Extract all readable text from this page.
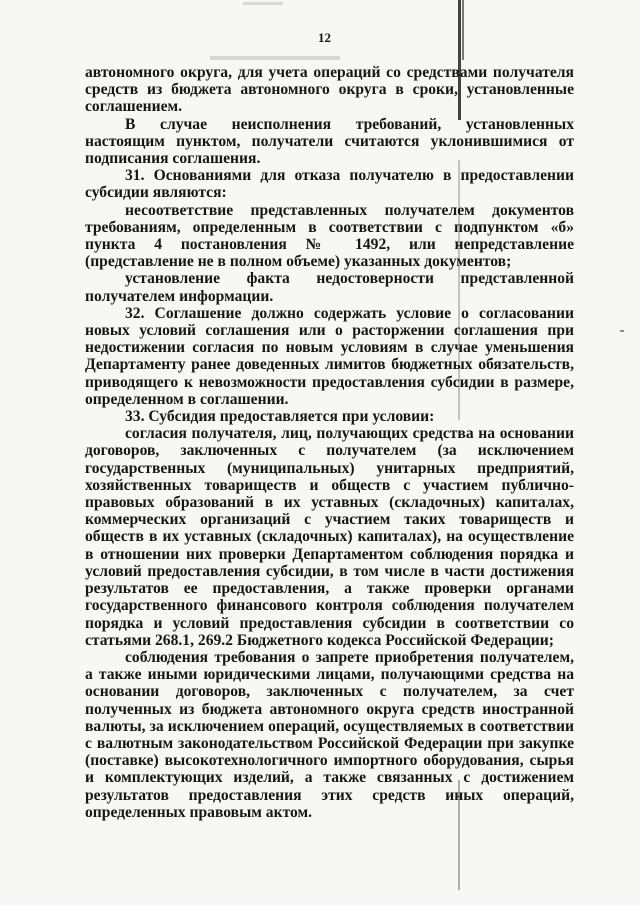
12

автономного округа, для учета операций со средствами получателя средств из бюджета автономного округа в сроки, установленные соглашением.

В случае неисполнения требований, установленных настоящим пунктом, получатели считаются уклонившимися от подписания соглашения.

31. Основаниями для отказа получателю в предоставлении субсидии являются:

несоответствие представленных получателем документов требованиям, определенным в соответствии с подпунктом «б» пункта 4 постановления № 1492, или непредставление (представление не в полном объеме) указанных документов;

установление факта недостоверности представленной получателем информации.

32. Соглашение должно содержать условие о согласовании новых условий соглашения или о расторжении соглашения при недостижении согласия по новым условиям в случае уменьшения Департаменту ранее доведенных лимитов бюджетных обязательств, приводящего к невозможности предоставления субсидии в размере, определенном в соглашении.

33. Субсидия предоставляется при условии:

согласия получателя, лиц, получающих средства на основании договоров, заключенных с получателем (за исключением государственных (муниципальных) унитарных предприятий, хозяйственных товариществ и обществ с участием публично-правовых образований в их уставных (складочных) капиталах, коммерческих организаций с участием таких товариществ и обществ в их уставных (складочных) капиталах), на осуществление в отношении них проверки Департаментом соблюдения порядка и условий предоставления субсидии, в том числе в части достижения результатов ее предоставления, а также проверки органами государственного финансового контроля соблюдения получателем порядка и условий предоставления субсидии в соответствии со статьями 268.1, 269.2 Бюджетного кодекса Российской Федерации;

соблюдения требования о запрете приобретения получателем, а также иными юридическими лицами, получающими средства на основании договоров, заключенных с получателем, за счет полученных из бюджета автономного округа средств иностранной валюты, за исключением операций, осуществляемых в соответствии с валютным законодательством Российской Федерации при закупке (поставке) высокотехнологичного импортного оборудования, сырья и комплектующих изделий, а также связанных с достижением результатов предоставления этих средств иных операций, определенных правовым актом.
